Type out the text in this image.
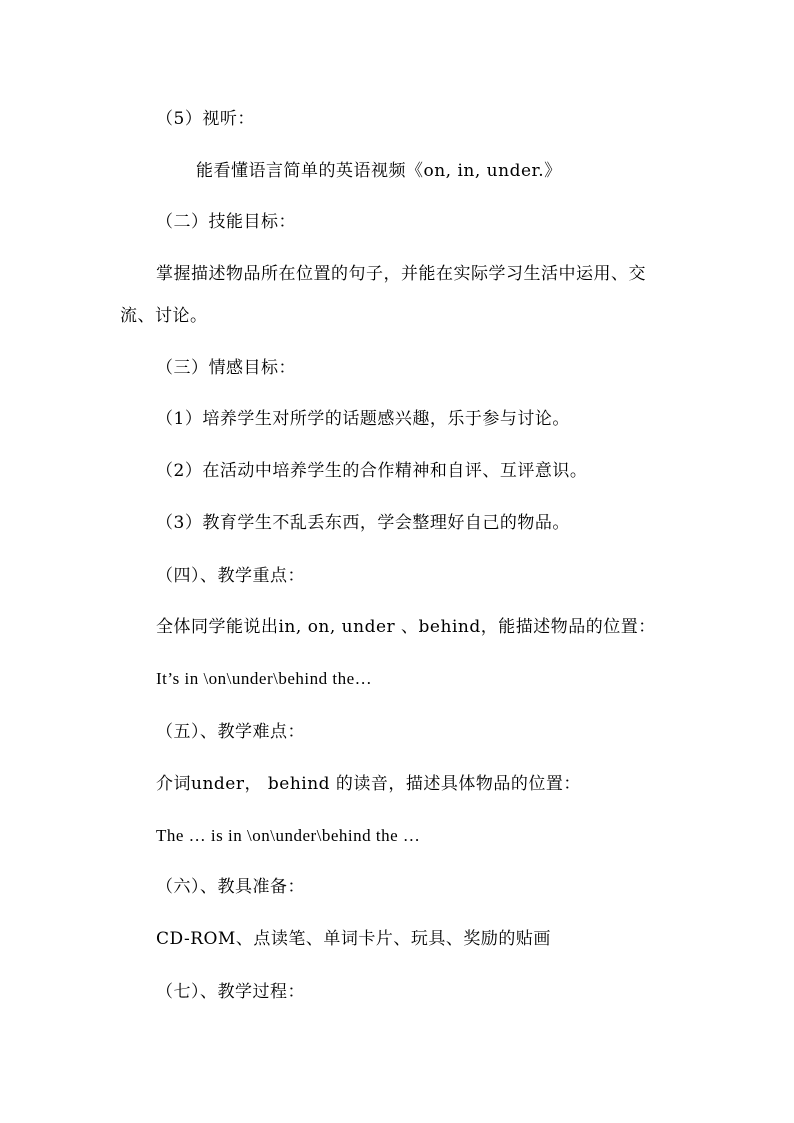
（5）视听：

能看懂语言简单的英语视频《on, in, under.》

（二）技能目标：

掌握描述物品所在位置的句子，并能在实际学习生活中运用、交

流、讨论。

（三）情感目标：

（1）培养学生对所学的话题感兴趣，乐于参与讨论。

（2）在活动中培养学生的合作精神和自评、互评意识。

（3）教育学生不乱丢东西，学会整理好自己的物品。

（四）、教学重点：

全体同学能说出in, on, under 、behind，能描述物品的位置：

It’s in \on\under\behind the…

（五）、教学难点：

介词under， behind 的读音，描述具体物品的位置：

The … is in \on\under\behind the …

（六）、教具准备：

CD-ROM、点读笔、单词卡片、玩具、奖励的贴画

（七）、教学过程：
